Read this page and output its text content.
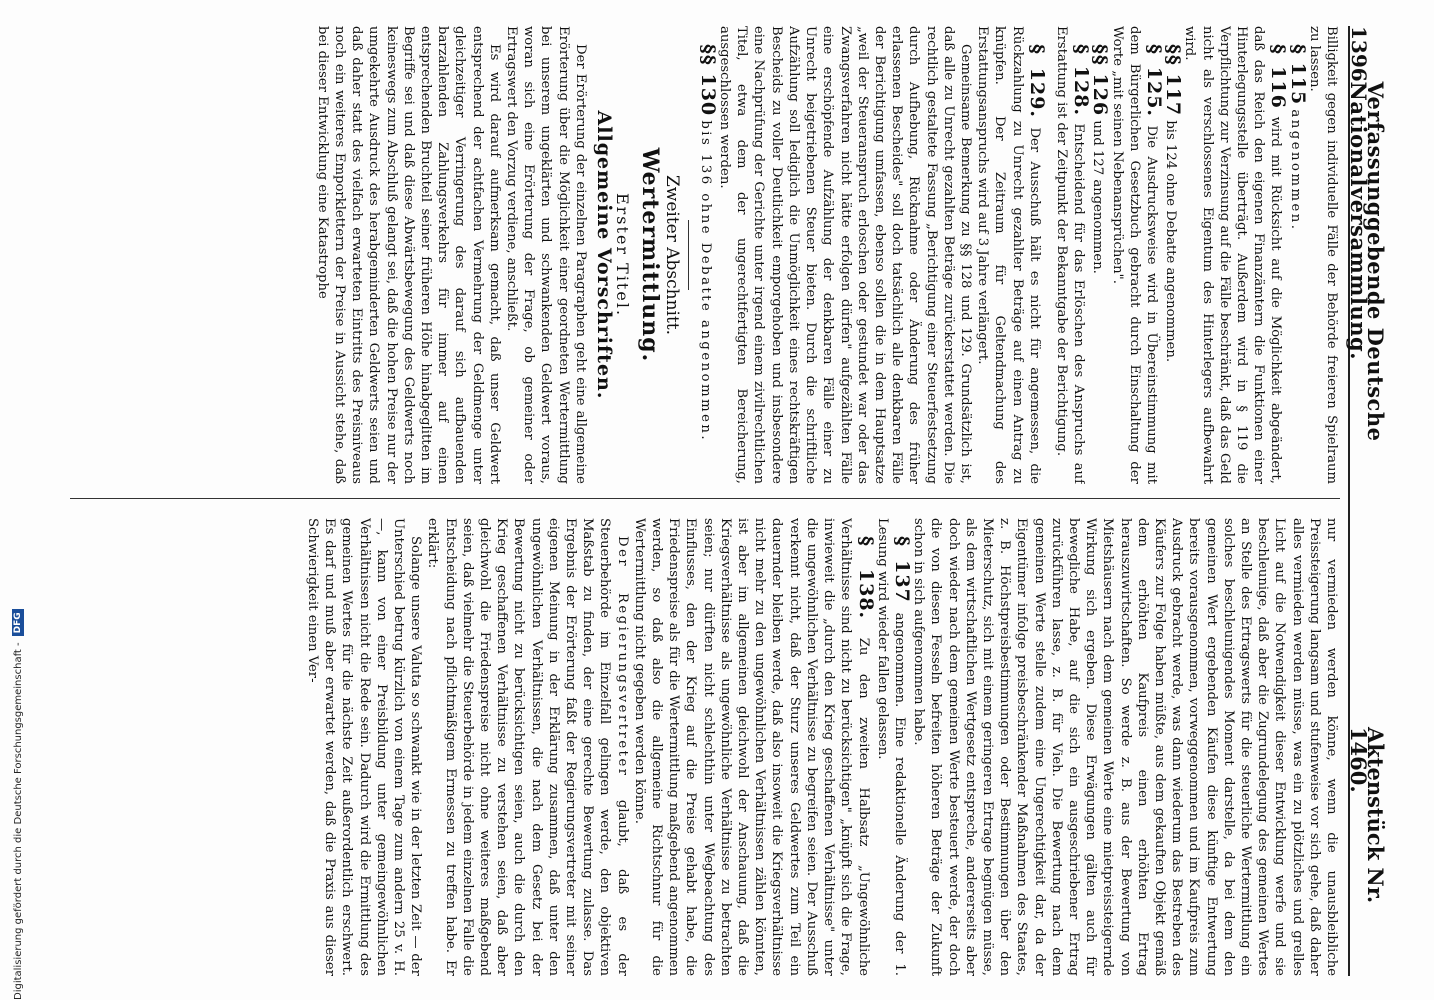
1396
Verfassunggebende Deutsche Nationalversammlung.
Aktenstück Nr. 1460.

Billigkeit gegen individuelle Fälle der Behörde freieren Spielraum zu lassen.

§ 115 angenommen.

§ 116 wird mit Rücksicht auf die Möglichkeit abgeändert, daß das Reich den eigenen Finanzämtern die Funktionen einer Hinterlegungsstelle überträgt. Außerdem wird in § 119 die Verpflichtung zur Verzinsung auf die Fälle beschränkt, daß das Geld nicht als verschlossenes Eigentum des Hinterlegers aufbewahrt wird.

§§ 117 bis 124 ohne Debatte angenommen.

§ 125. Die Ausdrucksweise wird in Übereinstimmung mit dem Bürgerlichen Gesetzbuch gebracht durch Einschaltung der Worte „mit seinen Nebenansprüchen".

§§ 126 und 127 angenommen.

§ 128. Entscheidend für das Erlöschen des Anspruchs auf Erstattung ist der Zeitpunkt der Bekanntgabe der Berichtigung.

§ 129. Der Ausschuß hält es nicht für angemessen, die Rückzahlung zu Unrecht gezahlter Beträge auf einen Antrag zu knüpfen. Der Zeitraum für Geltendmachung des Erstattungsanspruchs wird auf 3 Jahre verlängert.

Gemeinsame Bemerkung zu §§ 128 und 129. Grundsätzlich ist, daß alle zu Unrecht gezahlten Beträge zurückerstattet werden. Die rechtlich gestaltete Fassung „Berichtigung einer Steuerfestsetzung durch Aufhebung, Rücknahme oder Änderung des früher erlassenen Bescheides" soll doch tatsächlich alle denkbaren Fälle der Berichtigung umfassen, ebenso sollen die in dem Hauptsatze „weil der Steueranspruch erloschen oder gestundet war oder das Zwangsverfahren nicht hätte erfolgen dürfen" aufgezählten Fälle eine erschöpfende Aufzählung der denkbaren Fälle einer zu Unrecht beigetriebenen Steuer bieten. Durch die schriftliche Aufzählung soll lediglich die Unmöglichkeit eines rechtskräftigen Bescheids zu voller Deutlichkeit emporgehoben und insbesondere eine Nachprüfung der Gerichte unter irgend einem zivilrechtlichen Titel, etwa dem der ungerechtfertigten Bereicherung, ausgeschlossen werden.

§§ 130 bis 136 ohne Debatte angenommen.

Zweiter Abschnitt.

Wertermittlung.

Erster Titel.

Allgemeine Vorschriften.

Der Erörterung der einzelnen Paragraphen geht eine allgemeine Erörterung über die Möglichkeit einer geordneten Wertermittlung bei unserem ungeklärten und schwankenden Geldwert voraus, woran sich eine Erörterung der Frage, ob gemeiner oder Ertragswert den Vorzug verdiene, anschließt.

Es wird darauf aufmerksam gemacht, daß unser Geldwert entsprechend der achtfachen Vermehrung der Geldmenge unter gleichzeitiger Verringerung des darauf sich aufbauenden barzahlenden Zahlungsverkehrs für immer auf einen entsprechenden Bruchteil seiner früheren Höhe hinabgeglitten im Begriffe sei und daß diese Abwärtsbewegung des Geldwerts noch keineswegs zum Abschluß gelangt sei, daß die hohen Preise nur der umgekehrte Ausdruck des herabgeminderten Geldwerts seien und daß daher statt des vielfach erwarteten Eintritts des Preisniveaus noch ein weiteres Emporklettern der Preise in Aussicht stehe, daß bei dieser Entwicklung eine Katastrophe

nur vermieden werden könne, wenn die unausbleibliche Preissteigerung langsam und stufenweise vor sich gehe, daß daher alles vermieden werden müsse, was ein zu plötzliches und grelles Licht auf die Notwendigkeit dieser Entwicklung werfe und sie beschleunige, daß aber die Zugrundelegung des gemeinen Wertes an Stelle des Ertragswerts für die steuerliche Wertermittlung ein solches beschleunigendes Moment darstelle, da bei dem den gemeinen Wert ergebenden Käufen diese künftige Entwertung bereits vorausgenommen, vorweggenommen und im Kaufpreis zum Ausdruck gebracht werde, was dann wiederum das Bestreben des Käufers zur Folge haben müßte, aus dem gekauften Objekt gemäß dem erhöhten Kaufpreis einen erhöhten Ertrag herauszuwirtschaften. So werde z. B. aus der Bewertung von Mietshäusern nach dem gemeinen Werte eine mietpreissteigernde Wirkung sich ergeben. Diese Erwägungen gälten auch für bewegliche Habe, auf die sich ein ausgeschriebener Ertrag zurückführen lasse, z. B. für Vieh. Die Bewertung nach dem gemeinen Werte stelle zudem eine Ungerechtigkeit dar, da der Eigentümer infolge preisbeschränkender Maßnahmen des Staates, z. B. Höchstpreisbestimmungen oder Bestimmungen über den Mieterschutz, sich mit einem geringeren Ertrage begnügen müsse, als dem wirtschaftlichen Wertgesetz entspreche, andererseits aber doch wieder nach dem gemeinen Werte besteuert werde, der doch die von diesen Fesseln befreiten höheren Beträge der Zukunft schon in sich aufgenommen habe.

§ 137 angenommen. Eine redaktionelle Änderung der 1. Lesung wird wieder fallen gelassen.

§ 138. Zu den zweiten Halbsatz „Ungewöhnliche Verhältnisse sind nicht zu berücksichtigen" „knüpft sich die Frage, inwieweit die „durch den Krieg geschaffenen Verhältnisse" unter die ungewöhnlichen Verhältnisse zu begreifen seien. Der Ausschuß verkennt nicht, daß der Sturz unseres Geldwertes zum Teil ein dauernder bleiben werde, daß also insoweit die Kriegsverhältnisse nicht mehr zu den ungewöhnlichen Verhältnissen zählen könnten, ist aber im allgemeinen gleichwohl der Anschauung, daß die Kriegsverhältnisse als ungewöhnliche Verhältnisse zu betrachten seien; nur dürften nicht schlechthin unter Wegbeachtung des Einflusses, den der Krieg auf die Preise gehabt habe, die Friedenspreise als für die Wertermittlung maßgebend angenommen werden, so daß also die allgemeine Richtschnur für die Wertermittlung nicht gegeben werden könne.

Der Regierungsvertreter glaubt, daß es der Steuerbehörde im Einzelfall gelingen werde, den objektiven Maßstab zu finden, der eine gerechte Bewertung zulasse. Das Ergebnis der Erörterung faßt der Regierungsvertreter mit seiner eigenen Meinung in der Erklärung zusammen, daß unter den ungewöhnlichen Verhältnissen, die nach dem Gesetz bei der Bewertung nicht zu berücksichtigen seien, auch die durch den Krieg geschaffenen Verhältnisse zu verstehen seien, daß aber gleichwohl die Friedenspreise nicht ohne weiteres maßgebend seien, daß vielmehr die Steuerbehörde in jedem einzelnen Falle die Entscheidung nach pflichtmäßigem Ermessen zu treffen habe. Er erklärt:

Solange unsere Valuta so schwankt wie in der letzten Zeit — der Unterschied betrug kürzlich von einem Tage zum andern 25 v. H. —, kann von einer Preisbildung unter gemeingewöhnlichen Verhältnissen nicht die Rede sein. Dadurch wird die Ermittlung des gemeinen Wertes für die nächste Zeit außerordentlich erschwert. Es darf und muß aber erwartet werden, daß die Praxis aus dieser Schwierigkeit einen Ver-

Digitalisierung gefördert durch die Deutsche Forschungsgemeinschaft -
DFG
